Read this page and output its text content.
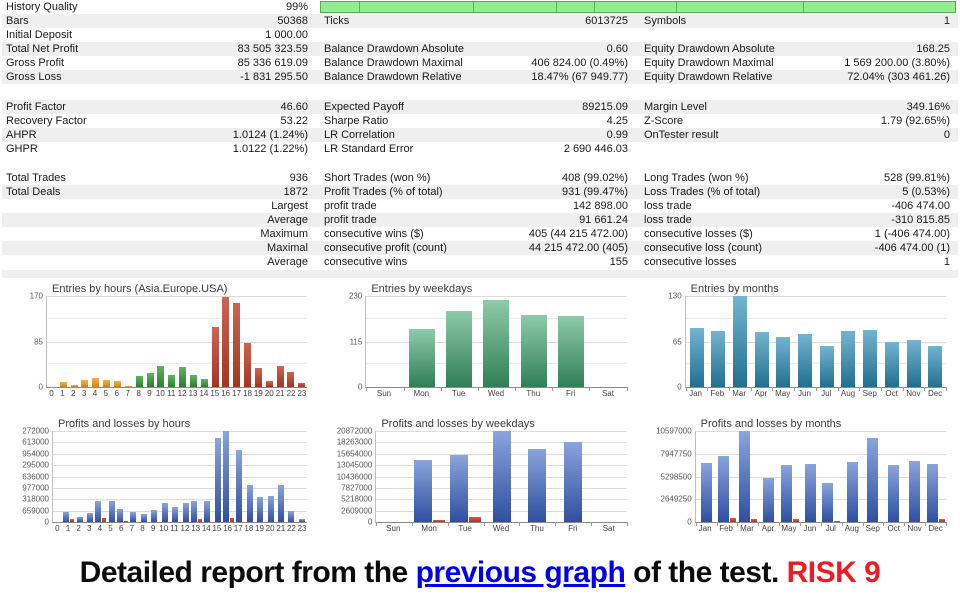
History Quality	99%
Bars	50368 Ticks	6013725 Symbols	1
Initial Deposit	1 000.00
Total Net Profit	83 505 323.59 Balance Drawdown Absolute	0.60 Equity Drawdown Absolute	168.25
Gross Profit	85 336 619.09 Balance Drawdown Maximal	406 824.00 (0.49%) Equity Drawdown Maximal	1 569 200.00 (3.80%)
Gross Loss	-1 831 295.50 Balance Drawdown Relative	18.47% (67 949.77) Equity Drawdown Relative	72.04% (303 461.26)
Profit Factor	46.60 Expected Payoff	89215.09 Margin Level	349.16%
Recovery Factor	53.22 Sharpe Ratio	4.25 Z-Score	1.79 (92.65%)
AHPR	1.0124 (1.24%) LR Correlation	0.99 OnTester result	0
GHPR	1.0122 (1.22%) LR Standard Error	2 690 446.03
Total Trades	936 Short Trades (won %)	408 (99.02%) Long Trades (won %)	528 (99.81%)
Total Deals	1872 Profit Trades (% of total)	931 (99.47%) Loss Trades (% of total)	5 (0.53%)
Largest profit trade	142 898.00 loss trade	-406 474.00
Average profit trade	91 661.24 loss trade	-310 815.85
Maximum consecutive wins ($)	405 (44 215 472.00) consecutive losses ($)	1 (-406 474.00)
Maximal consecutive profit (count)	44 215 472.00 (405) consecutive loss (count)	-406 474.00 (1)
Average consecutive wins	155 consecutive losses	1
Entries by hours (Asia.Europe.USA)
170
85
0
0 1 2 3 4 5 6 7 8 9 10 11 12 13 14 15 16 17 18 19 20 21 22 23
Entries by weekdays
230
115
0
Sun	Mon	Tue	Wed	Thu	Fri	Sat
Entries by months
130
65
0
Jan	Feb	Mar	Apr	May Jun	Jul	Aug Sep	Oct	Nov Dec
Profits and losses by hours
272000
613000
954000
295000
636000
977000
318000
659000
0
0 1 2 3 4 5 6 7 8 9 10 11 12 13 14 15 16 17 18 19 20 21 22 23
Profits and losses by weekdays
20872000
18263000
15654000
13045000
10436000
7827000
5218000
2609000
0
Sun	Mon	Tue	Wed	Thu	Fri	Sat
Profits and losses by months
10597000
7947750
5298500
2649250
0
Jan Feb Mar Apr May Jun	Jul	Aug Sep Oct Nov Dec
Detailed report from the previous graph of the test. RISK 9
